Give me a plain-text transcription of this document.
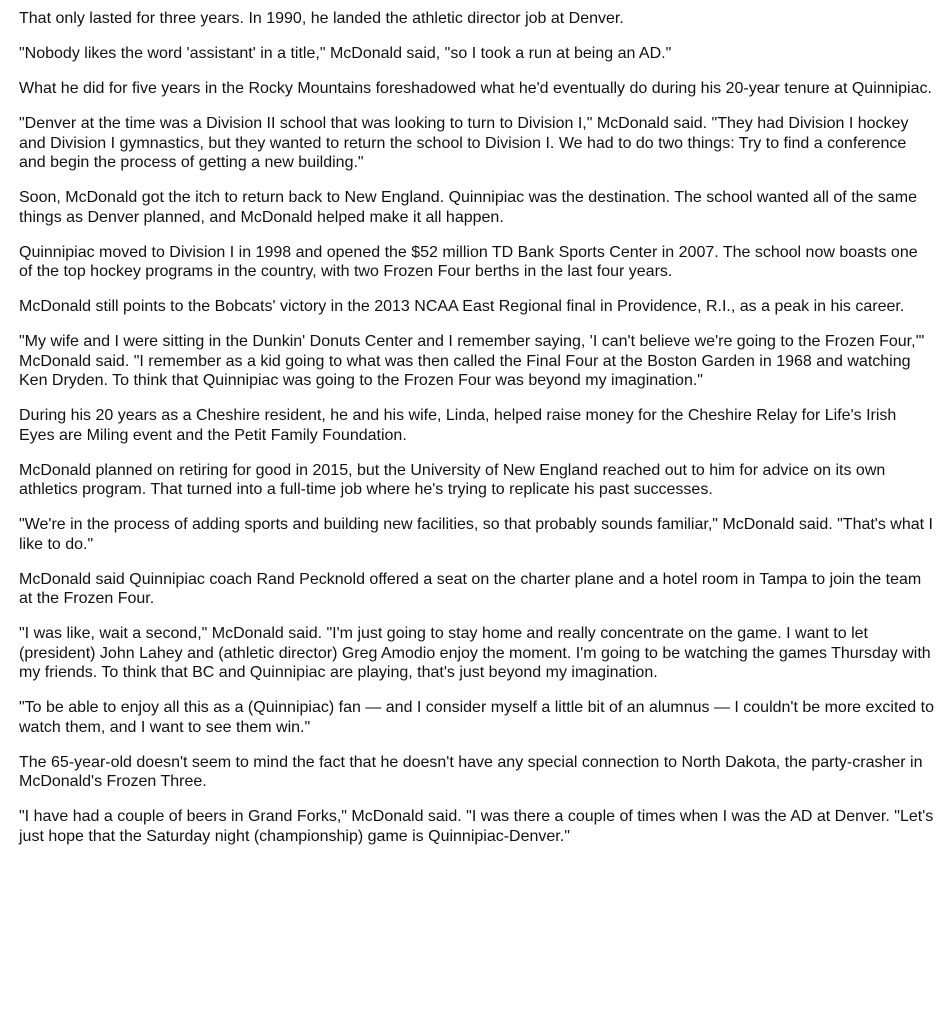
That only lasted for three years. In 1990, he landed the athletic director job at Denver.

"Nobody likes the word 'assistant' in a title," McDonald said, "so I took a run at being an AD."

What he did for five years in the Rocky Mountains foreshadowed what he'd eventually do during his 20-year tenure at Quinnipiac.

"Denver at the time was a Division II school that was looking to turn to Division I," McDonald said. "They had Division I hockey and Division I gymnastics, but they wanted to return the school to Division I. We had to do two things: Try to find a conference and begin the process of getting a new building."

Soon, McDonald got the itch to return back to New England. Quinnipiac was the destination. The school wanted all of the same things as Denver planned, and McDonald helped make it all happen.

Quinnipiac moved to Division I in 1998 and opened the $52 million TD Bank Sports Center in 2007. The school now boasts one of the top hockey programs in the country, with two Frozen Four berths in the last four years.

McDonald still points to the Bobcats' victory in the 2013 NCAA East Regional final in Providence, R.I., as a peak in his career.

"My wife and I were sitting in the Dunkin' Donuts Center and I remember saying, 'I can't believe we're going to the Frozen Four,'" McDonald said. "I remember as a kid going to what was then called the Final Four at the Boston Garden in 1968 and watching Ken Dryden. To think that Quinnipiac was going to the Frozen Four was beyond my imagination."

During his 20 years as a Cheshire resident, he and his wife, Linda, helped raise money for the Cheshire Relay for Life's Irish Eyes are Miling event and the Petit Family Foundation.

McDonald planned on retiring for good in 2015, but the University of New England reached out to him for advice on its own athletics program. That turned into a full-time job where he's trying to replicate his past successes.

"We're in the process of adding sports and building new facilities, so that probably sounds familiar," McDonald said. "That's what I like to do."

McDonald said Quinnipiac coach Rand Pecknold offered a seat on the charter plane and a hotel room in Tampa to join the team at the Frozen Four.

"I was like, wait a second," McDonald said. "I'm just going to stay home and really concentrate on the game. I want to let (president) John Lahey and (athletic director) Greg Amodio enjoy the moment. I'm going to be watching the games Thursday with my friends. To think that BC and Quinnipiac are playing, that's just beyond my imagination.

"To be able to enjoy all this as a (Quinnipiac) fan — and I consider myself a little bit of an alumnus — I couldn't be more excited to watch them, and I want to see them win."

The 65-year-old doesn't seem to mind the fact that he doesn't have any special connection to North Dakota, the party-crasher in McDonald's Frozen Three.

"I have had a couple of beers in Grand Forks," McDonald said. "I was there a couple of times when I was the AD at Denver. "Let's just hope that the Saturday night (championship) game is Quinnipiac-Denver."
